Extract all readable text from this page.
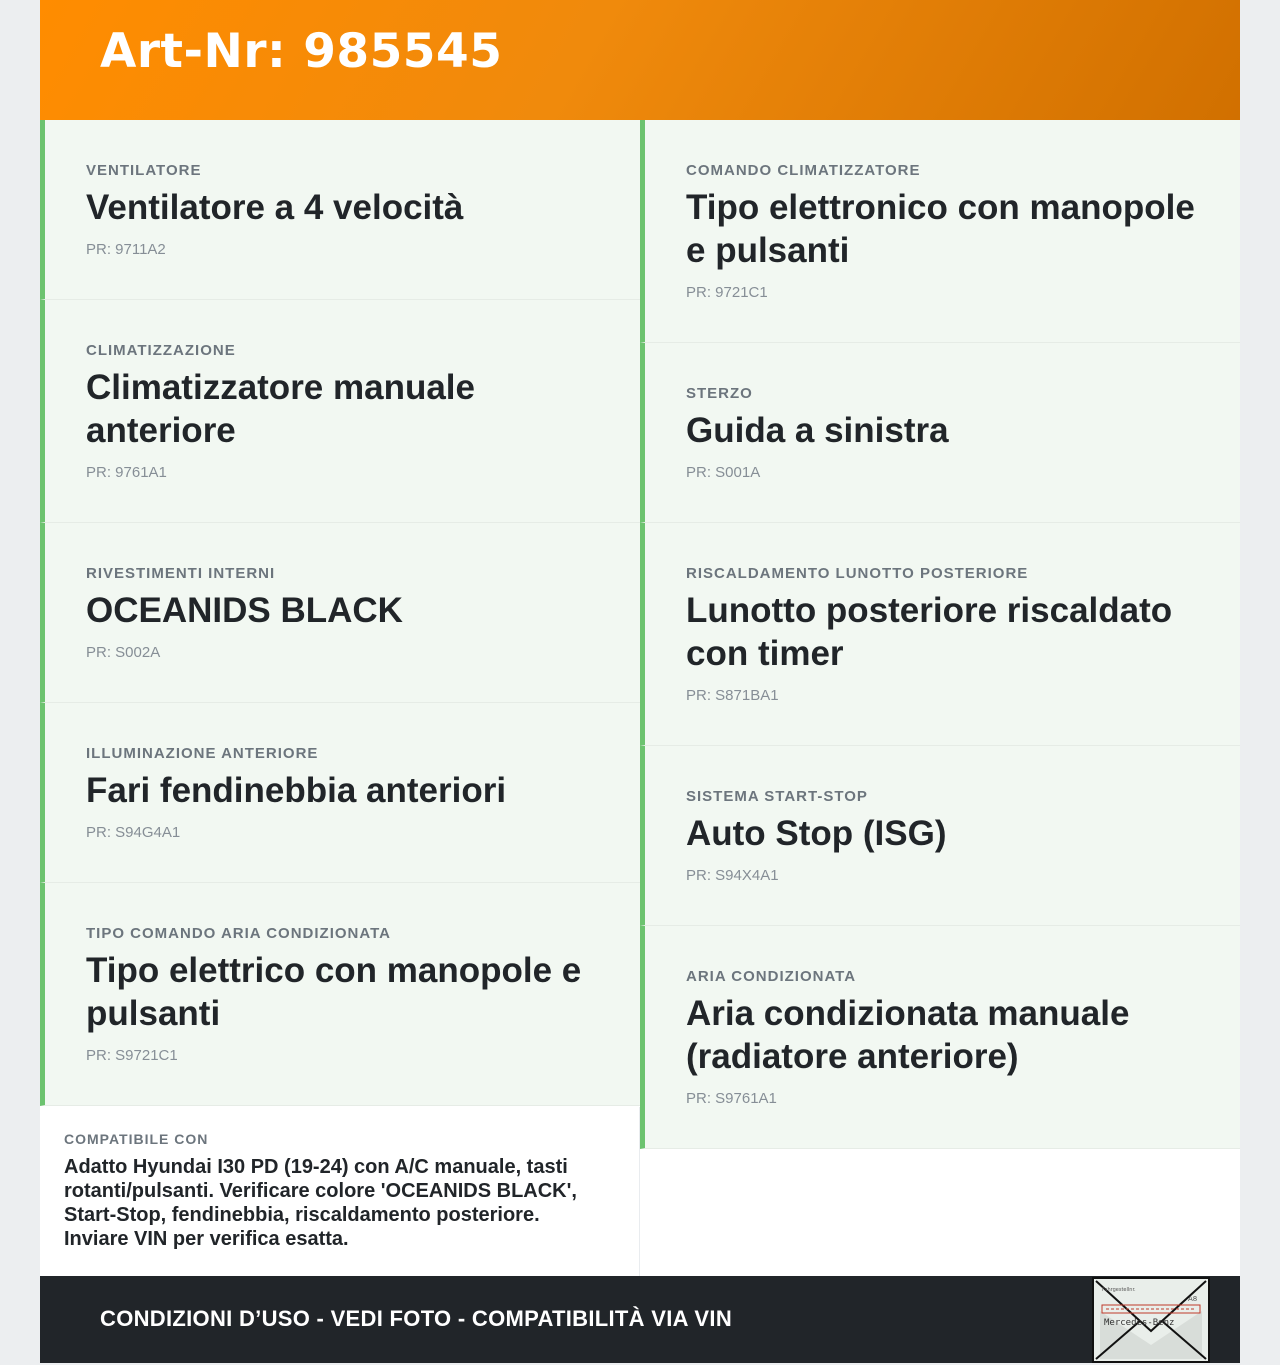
Art-Nr: 985545
VENTILATORE
Ventilatore a 4 velocità
PR: 9711A2
CLIMATIZZAZIONE
Climatizzatore manuale anteriore
PR: 9761A1
RIVESTIMENTI INTERNI
OCEANIDS BLACK
PR: S002A
ILLUMINAZIONE ANTERIORE
Fari fendinebbia anteriori
PR: S94G4A1
TIPO COMANDO ARIA CONDIZIONATA
Tipo elettrico con manopole e pulsanti
PR: S9721C1
COMANDO CLIMATIZZATORE
Tipo elettronico con manopole e pulsanti
PR: 9721C1
STERZO
Guida a sinistra
PR: S001A
RISCALDAMENTO LUNOTTO POSTERIORE
Lunotto posteriore riscaldato con timer
PR: S871BA1
SISTEMA START-STOP
Auto Stop (ISG)
PR: S94X4A1
ARIA CONDIZIONATA
Aria condizionata manuale (radiatore anteriore)
PR: S9761A1
COMPATIBILE CON
Adatto Hyundai I30 PD (19-24) con A/C manuale, tasti rotanti/pulsanti. Verificare colore 'OCEANIDS BLACK', Start-Stop, fendinebbia, riscaldamento posteriore. Inviare VIN per verifica esatta.
CONDIZIONI D’USO - VEDI FOTO - COMPATIBILITÀ VIA VIN	Mercedes-Benz
Fahrgestellnr.
A8
